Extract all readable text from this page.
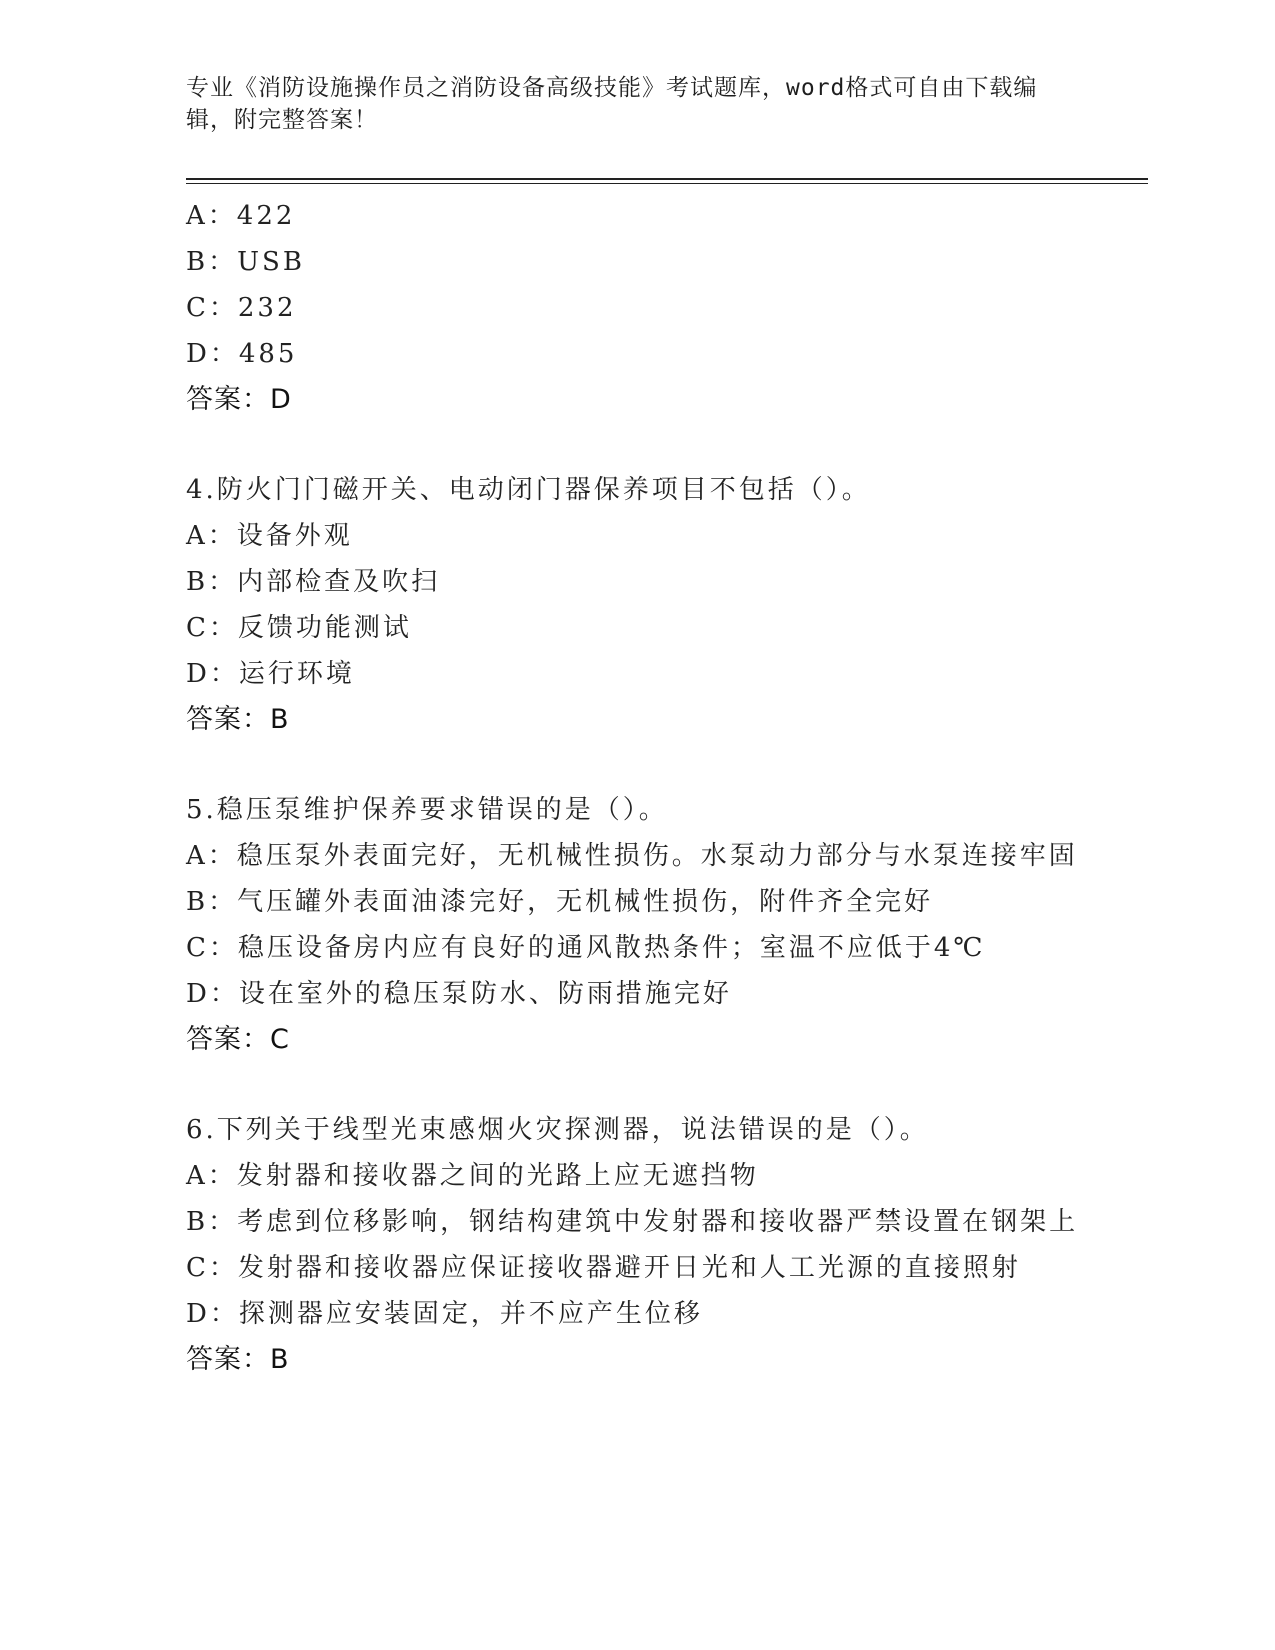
专业《消防设施操作员之消防设备高级技能》考试题库，word格式可自由下载编
辑，附完整答案！
A：422
B：USB
C：232
D：485
答案：D
4.防火门门磁开关、电动闭门器保养项目不包括（）。
A：设备外观
B：内部检查及吹扫
C：反馈功能测试
D：运行环境
答案：B
5.稳压泵维护保养要求错误的是（）。
A：稳压泵外表面完好，无机械性损伤。水泵动力部分与水泵连接牢固
B：气压罐外表面油漆完好，无机械性损伤，附件齐全完好
C：稳压设备房内应有良好的通风散热条件；室温不应低于4℃
D：设在室外的稳压泵防水、防雨措施完好
答案：C
6.下列关于线型光束感烟火灾探测器，说法错误的是（）。
A：发射器和接收器之间的光路上应无遮挡物
B：考虑到位移影响，钢结构建筑中发射器和接收器严禁设置在钢架上
C：发射器和接收器应保证接收器避开日光和人工光源的直接照射
D：探测器应安装固定，并不应产生位移
答案：B
